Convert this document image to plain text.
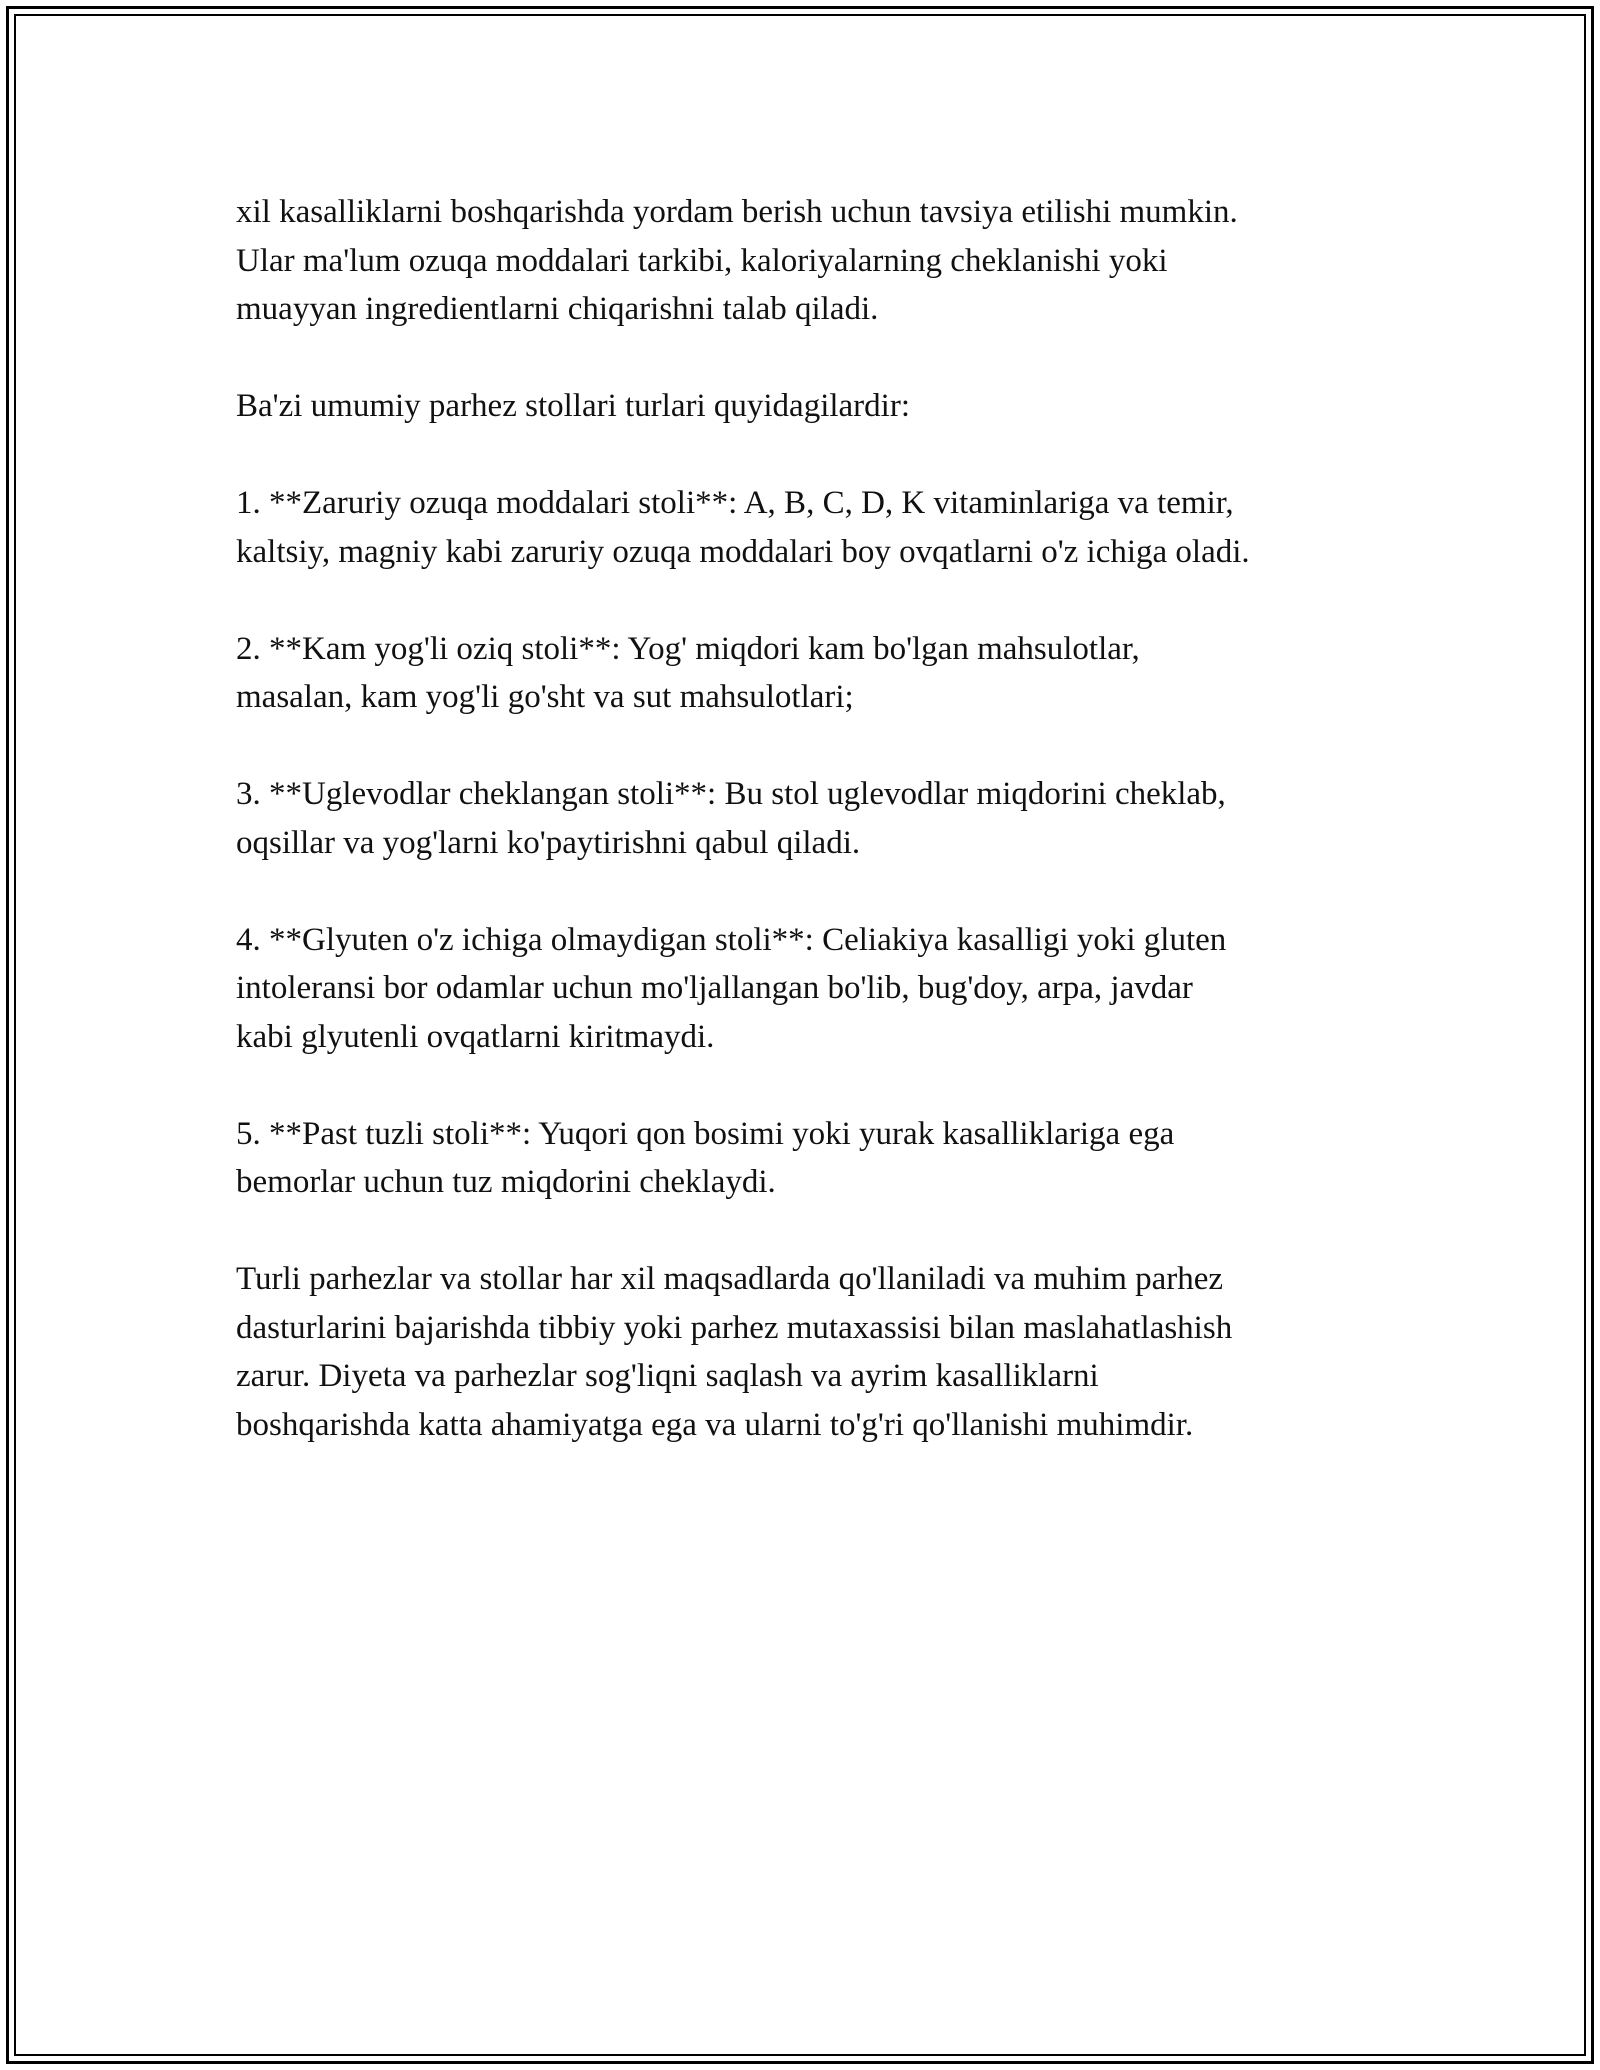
xil kasalliklarni boshqarishda yordam berish uchun tavsiya etilishi mumkin.
Ular ma'lum ozuqa moddalari tarkibi, kaloriyalarning cheklanishi yoki
muayyan ingredientlarni chiqarishni talab qiladi.

Ba'zi umumiy parhez stollari turlari quyidagilardir:

1. **Zaruriy ozuqa moddalari stoli**: A, B, C, D, K vitaminlariga va temir,
kaltsiy, magniy kabi zaruriy ozuqa moddalari boy ovqatlarni o'z ichiga oladi.

2. **Kam yog'li oziq stoli**: Yog' miqdori kam bo'lgan mahsulotlar,
masalan, kam yog'li go'sht va sut mahsulotlari;

3. **Uglevodlar cheklangan stoli**: Bu stol uglevodlar miqdorini cheklab,
oqsillar va yog'larni ko'paytirishni qabul qiladi.

4. **Glyuten o'z ichiga olmaydigan stoli**: Celiakiya kasalligi yoki gluten
intoleransi bor odamlar uchun mo'ljallangan bo'lib, bug'doy, arpa, javdar
kabi glyutenli ovqatlarni kiritmaydi.

5. **Past tuzli stoli**: Yuqori qon bosimi yoki yurak kasalliklariga ega
bemorlar uchun tuz miqdorini cheklaydi.

Turli parhezlar va stollar har xil maqsadlarda qo'llaniladi va muhim parhez
dasturlarini bajarishda tibbiy yoki parhez mutaxassisi bilan maslahatlashish
zarur. Diyeta va parhezlar sog'liqni saqlash va ayrim kasalliklarni
boshqarishda katta ahamiyatga ega va ularni to'g'ri qo'llanishi muhimdir.
